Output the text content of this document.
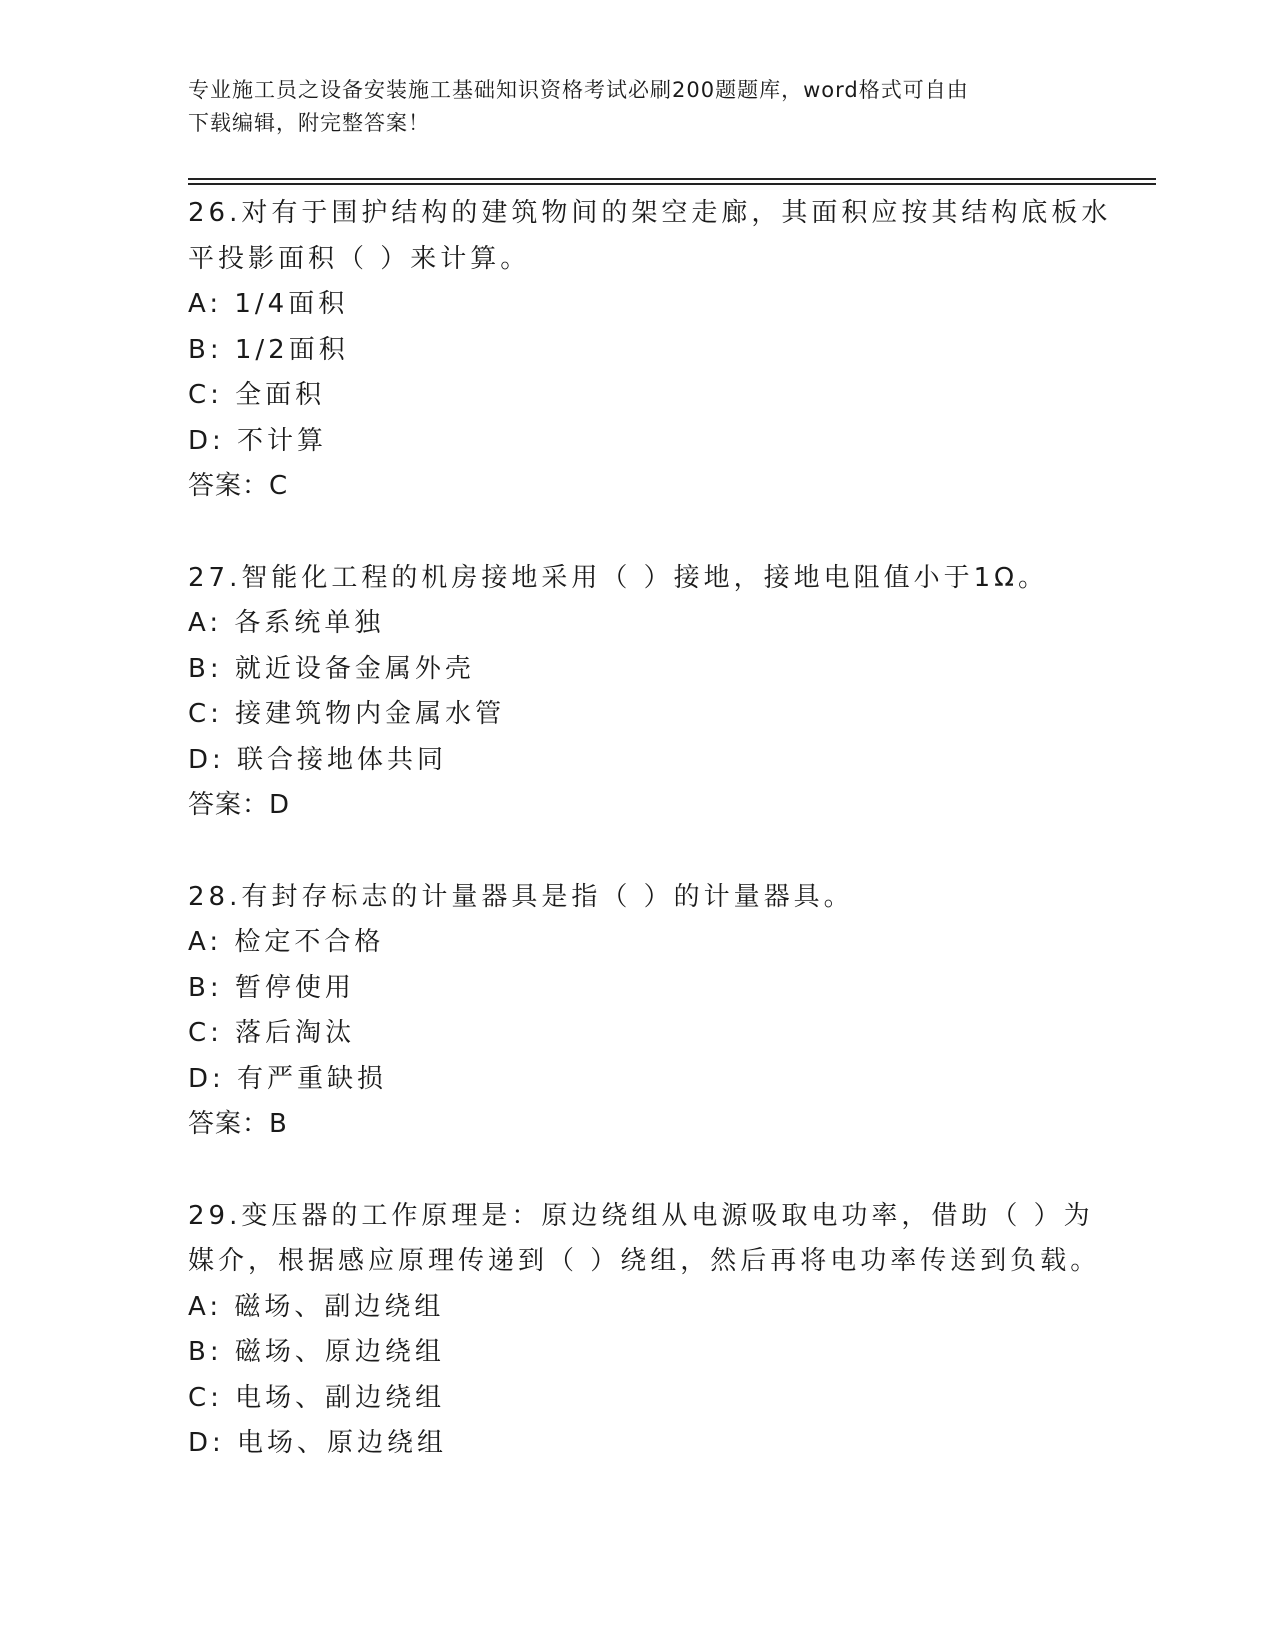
专业施工员之设备安装施工基础知识资格考试必刷200题题库，word格式可自由
下载编辑，附完整答案！
26.对有于围护结构的建筑物间的架空走廊，其面积应按其结构底板水
平投影面积（ ）来计算。
A: 1/4面积
B: 1/2面积
C: 全面积
D: 不计算
答案：C
27.智能化工程的机房接地采用（ ）接地，接地电阻值小于1Ω。
A: 各系统单独
B: 就近设备金属外壳
C: 接建筑物内金属水管
D: 联合接地体共同
答案：D
28.有封存标志的计量器具是指（ ）的计量器具。
A: 检定不合格
B: 暂停使用
C: 落后淘汰
D: 有严重缺损
答案：B
29.变压器的工作原理是：原边绕组从电源吸取电功率，借助（ ）为
媒介，根据感应原理传递到（ ）绕组，然后再将电功率传送到负载。
A: 磁场、副边绕组
B: 磁场、原边绕组
C: 电场、副边绕组
D: 电场、原边绕组
